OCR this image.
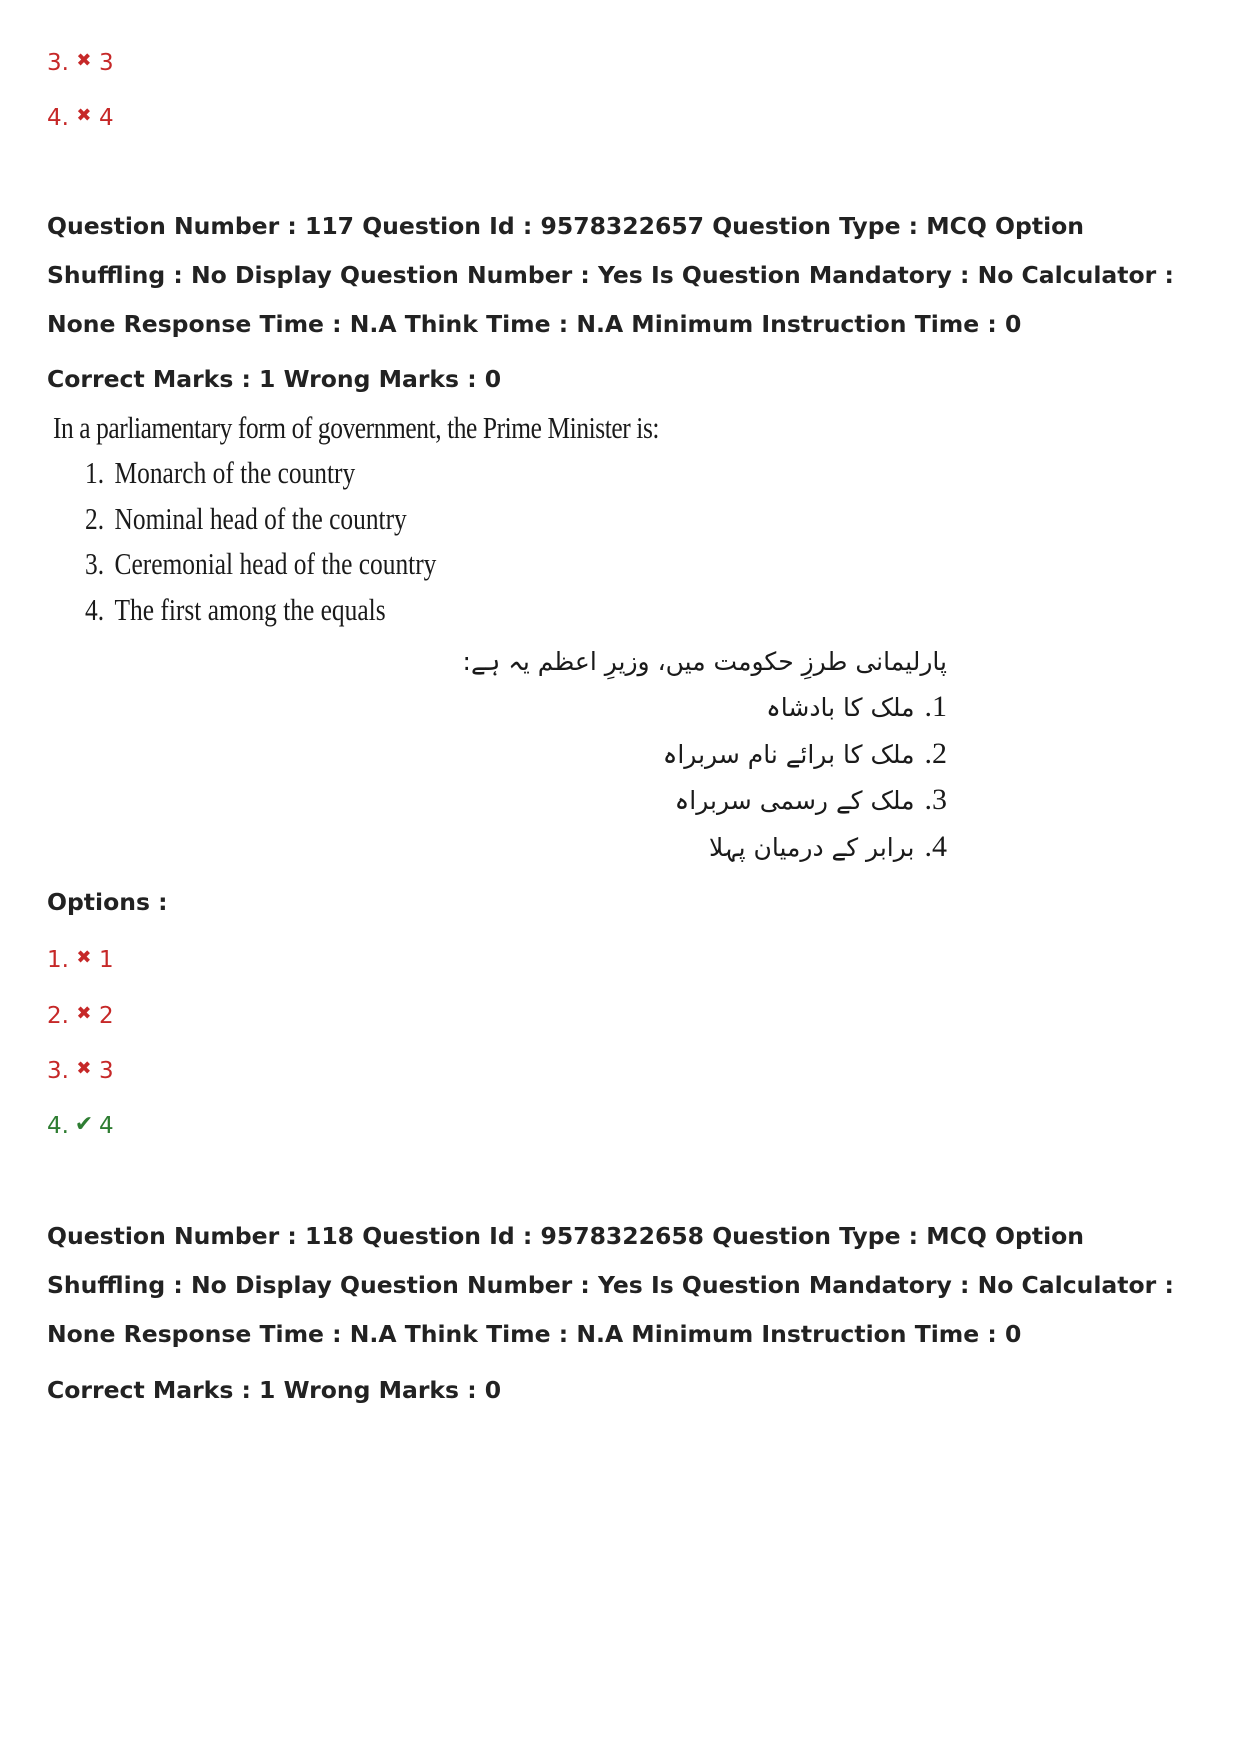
3. ✖ 3
4. ✖ 4
Question Number : 117 Question Id : 9578322657 Question Type : MCQ Option Shuffling : No Display Question Number : Yes Is Question Mandatory : No Calculator : None Response Time : N.A Think Time : N.A Minimum Instruction Time : 0
Correct Marks : 1 Wrong Marks : 0
In a parliamentary form of government, the Prime Minister is:
1. Monarch of the country
2. Nominal head of the country
3. Ceremonial head of the country
4. The first among the equals
پارلیمانی طرزِ حکومت میں، وزیرِ اعظم یہ ہے:
1.ملک کا بادشاہ
2.ملک کا برائے نام سربراہ
3.ملک کے رسمی سربراہ
4.برابر کے درمیان پہلا
Options :
1. ✖ 1
2. ✖ 2
3. ✖ 3
4. ✔ 4
Question Number : 118 Question Id : 9578322658 Question Type : MCQ Option Shuffling : No Display Question Number : Yes Is Question Mandatory : No Calculator : None Response Time : N.A Think Time : N.A Minimum Instruction Time : 0
Correct Marks : 1 Wrong Marks : 0
